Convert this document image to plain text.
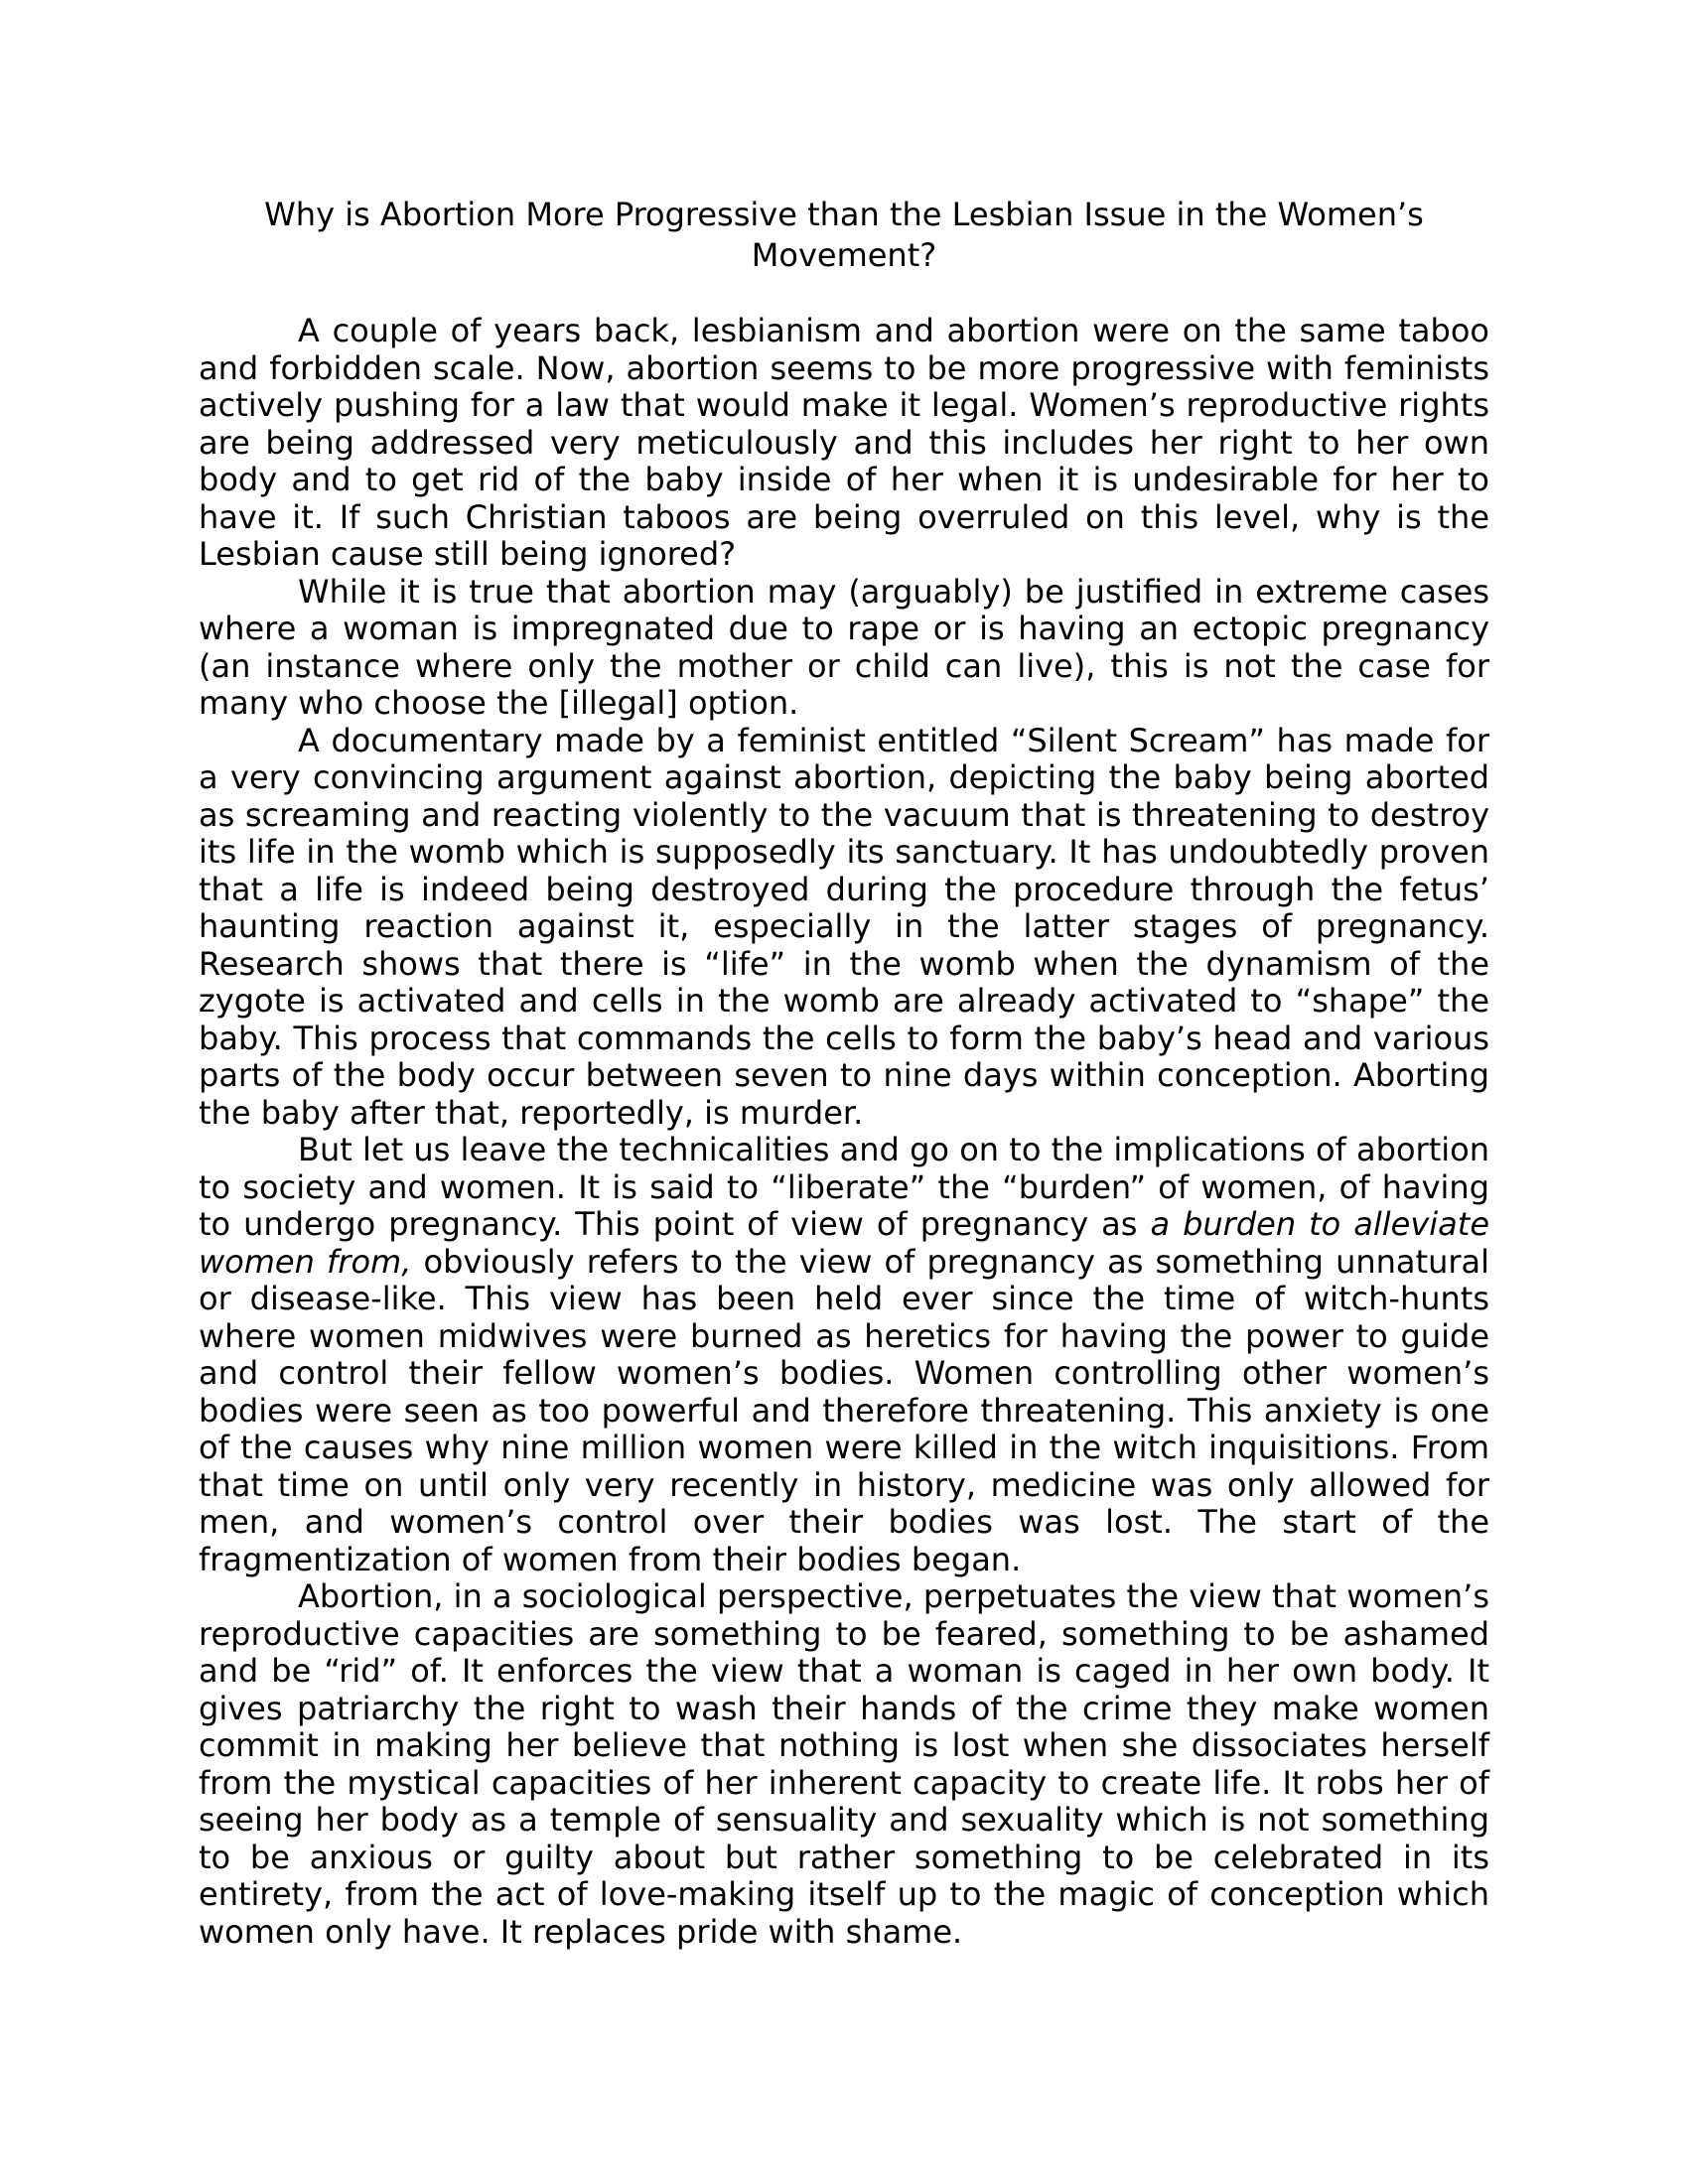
Why is Abortion More Progressive than the Lesbian Issue in the Women’s Movement?

A couple of years back, lesbianism and abortion were on the same taboo and forbidden scale. Now, abortion seems to be more progressive with feminists actively pushing for a law that would make it legal. Women’s reproductive rights are being addressed very meticulously and this includes her right to her own body and to get rid of the baby inside of her when it is undesirable for her to have it. If such Christian taboos are being overruled on this level, why is the Lesbian cause still being ignored?

While it is true that abortion may (arguably) be justified in extreme cases where a woman is impregnated due to rape or is having an ectopic pregnancy (an instance where only the mother or child can live), this is not the case for many who choose the [illegal] option.

A documentary made by a feminist entitled “Silent Scream” has made for a very convincing argument against abortion, depicting the baby being aborted as screaming and reacting violently to the vacuum that is threatening to destroy its life in the womb which is supposedly its sanctuary. It has undoubtedly proven that a life is indeed being destroyed during the procedure through the fetus’ haunting reaction against it, especially in the latter stages of pregnancy. Research shows that there is “life” in the womb when the dynamism of the zygote is activated and cells in the womb are already activated to “shape” the baby. This process that commands the cells to form the baby’s head and various parts of the body occur between seven to nine days within conception. Aborting the baby after that, reportedly, is murder.

But let us leave the technicalities and go on to the implications of abortion to society and women. It is said to “liberate” the “burden” of women, of having to undergo pregnancy. This point of view of pregnancy as a burden to alleviate women from, obviously refers to the view of pregnancy as something unnatural or disease-like. This view has been held ever since the time of witch-hunts where women midwives were burned as heretics for having the power to guide and control their fellow women’s bodies. Women controlling other women’s bodies were seen as too powerful and therefore threatening. This anxiety is one of the causes why nine million women were killed in the witch inquisitions. From that time on until only very recently in history, medicine was only allowed for men, and women’s control over their bodies was lost. The start of the fragmentization of women from their bodies began.

Abortion, in a sociological perspective, perpetuates the view that women’s reproductive capacities are something to be feared, something to be ashamed and be “rid” of. It enforces the view that a woman is caged in her own body. It gives patriarchy the right to wash their hands of the crime they make women commit in making her believe that nothing is lost when she dissociates herself from the mystical capacities of her inherent capacity to create life. It robs her of seeing her body as a temple of sensuality and sexuality which is not something to be anxious or guilty about but rather something to be celebrated in its entirety, from the act of love-making itself up to the magic of conception which women only have. It replaces pride with shame.
